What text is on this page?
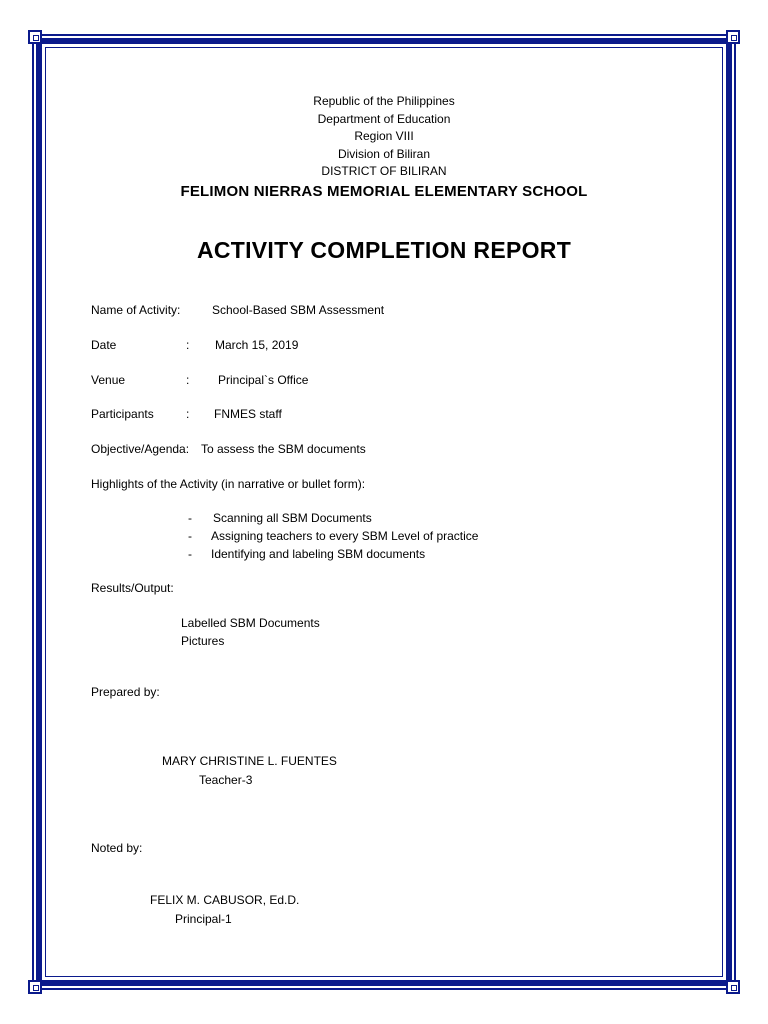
Republic of the Philippines
Department of Education
Region VIII
Division of Biliran
DISTRICT OF BILIRAN
FELIMON NIERRAS MEMORIAL ELEMENTARY SCHOOL
ACTIVITY COMPLETION REPORT
Name of Activity:	School-Based SBM Assessment
Date	: March 15, 2019
Venue	: Principal`s Office
Participants	: FNMES staff
Objective/Agenda: To assess the SBM documents
Highlights of the Activity (in narrative or bullet form):
- Scanning all SBM Documents
- Assigning teachers to every SBM Level of practice
- Identifying and labeling SBM documents
Results/Output:
Labelled SBM Documents
Pictures
Prepared by:
MARY CHRISTINE L. FUENTES
Teacher-3
Noted by:
FELIX M. CABUSOR, Ed.D.
Principal-1
